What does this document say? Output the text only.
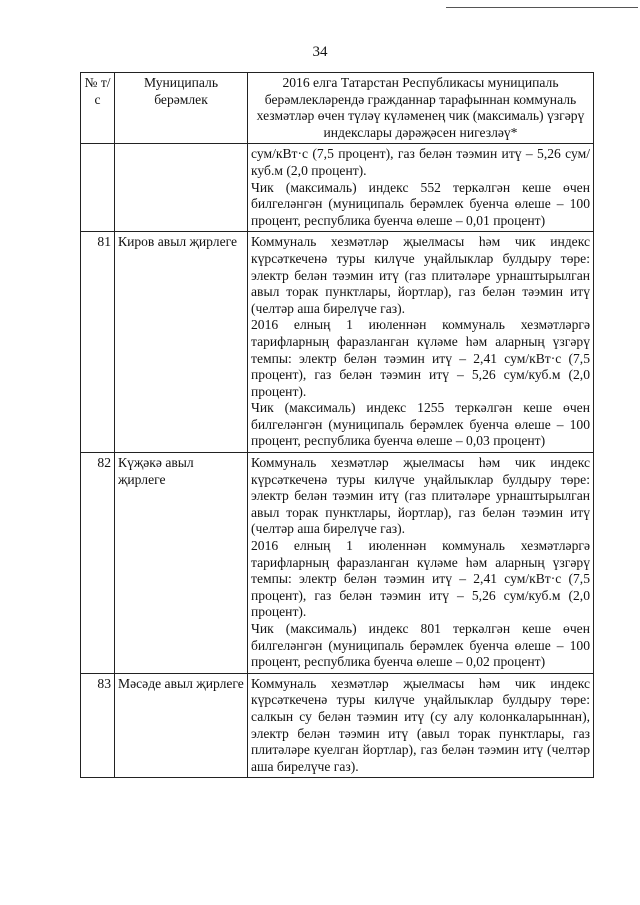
34
№ т/с	Муниципаль берәмлек	2016 елга Татарстан Республикасы муниципаль берәмлекләрендә гражданнар тарафыннан коммуналь хезмәтләр өчен түләү күләменең чик (максималь) үзгәрү индекслары дәрәҗәсен нигезләү*

		сум/кВт·с (7,5 процент), газ белән тәэмин итү – 5,26 сум/куб.м (2,0 процент).

Чик (максималь) индекс 552 теркәлгән кеше өчен билгеләнгән (муниципаль берәмлек буенча өлеше – 100 процент, республика буенча өлеше – 0,01 процент)

81	Киров авыл җирлеге	Коммуналь хезмәтләр җыелмасы һәм чик индекс күрсәткеченә туры килүче уңайлыклар булдыру төре: электр белән тәэмин итү (газ плитәләре урнаштырылган авыл торак пунктлары, йортлар), газ белән тәэмин итү (челтәр аша бирелүче газ).

2016 елның 1 июленнән коммуналь хезмәтләргә тарифларның фаразланган күләме һәм аларның үзгәрү темпы: электр белән тәэмин итү – 2,41 сум/кВт·с (7,5 процент), газ белән тәэмин итү – 5,26 сум/куб.м (2,0 процент).

Чик (максималь) индекс 1255 теркәлгән кеше өчен билгеләнгән (муниципаль берәмлек буенча өлеше – 100 процент, республика буенча өлеше – 0,03 процент)

82	Күҗәкә авыл җирлеге	Коммуналь хезмәтләр җыелмасы һәм чик индекс күрсәткеченә туры килүче уңайлыклар булдыру төре: электр белән тәэмин итү (газ плитәләре урнаштырылган авыл торак пунктлары, йортлар), газ белән тәэмин итү (челтәр аша бирелүче газ).

2016 елның 1 июленнән коммуналь хезмәтләргә тарифларның фаразланган күләме һәм аларның үзгәрү темпы: электр белән тәэмин итү – 2,41 сум/кВт·с (7,5 процент), газ белән тәэмин итү – 5,26 сум/куб.м (2,0 процент).

Чик (максималь) индекс 801 теркәлгән кеше өчен билгеләнгән (муниципаль берәмлек буенча өлеше – 100 процент, республика буенча өлеше – 0,02 процент)

83	Мәсәде авыл җирлеге	Коммуналь хезмәтләр җыелмасы һәм чик индекс күрсәткеченә туры килүче уңайлыклар булдыру төре: салкын су белән тәэмин итү (су алу колонкаларыннан), электр белән тәэмин итү (авыл торак пунктлары, газ плитәләре куелган йортлар), газ белән тәэмин итү (челтәр аша бирелүче газ).
